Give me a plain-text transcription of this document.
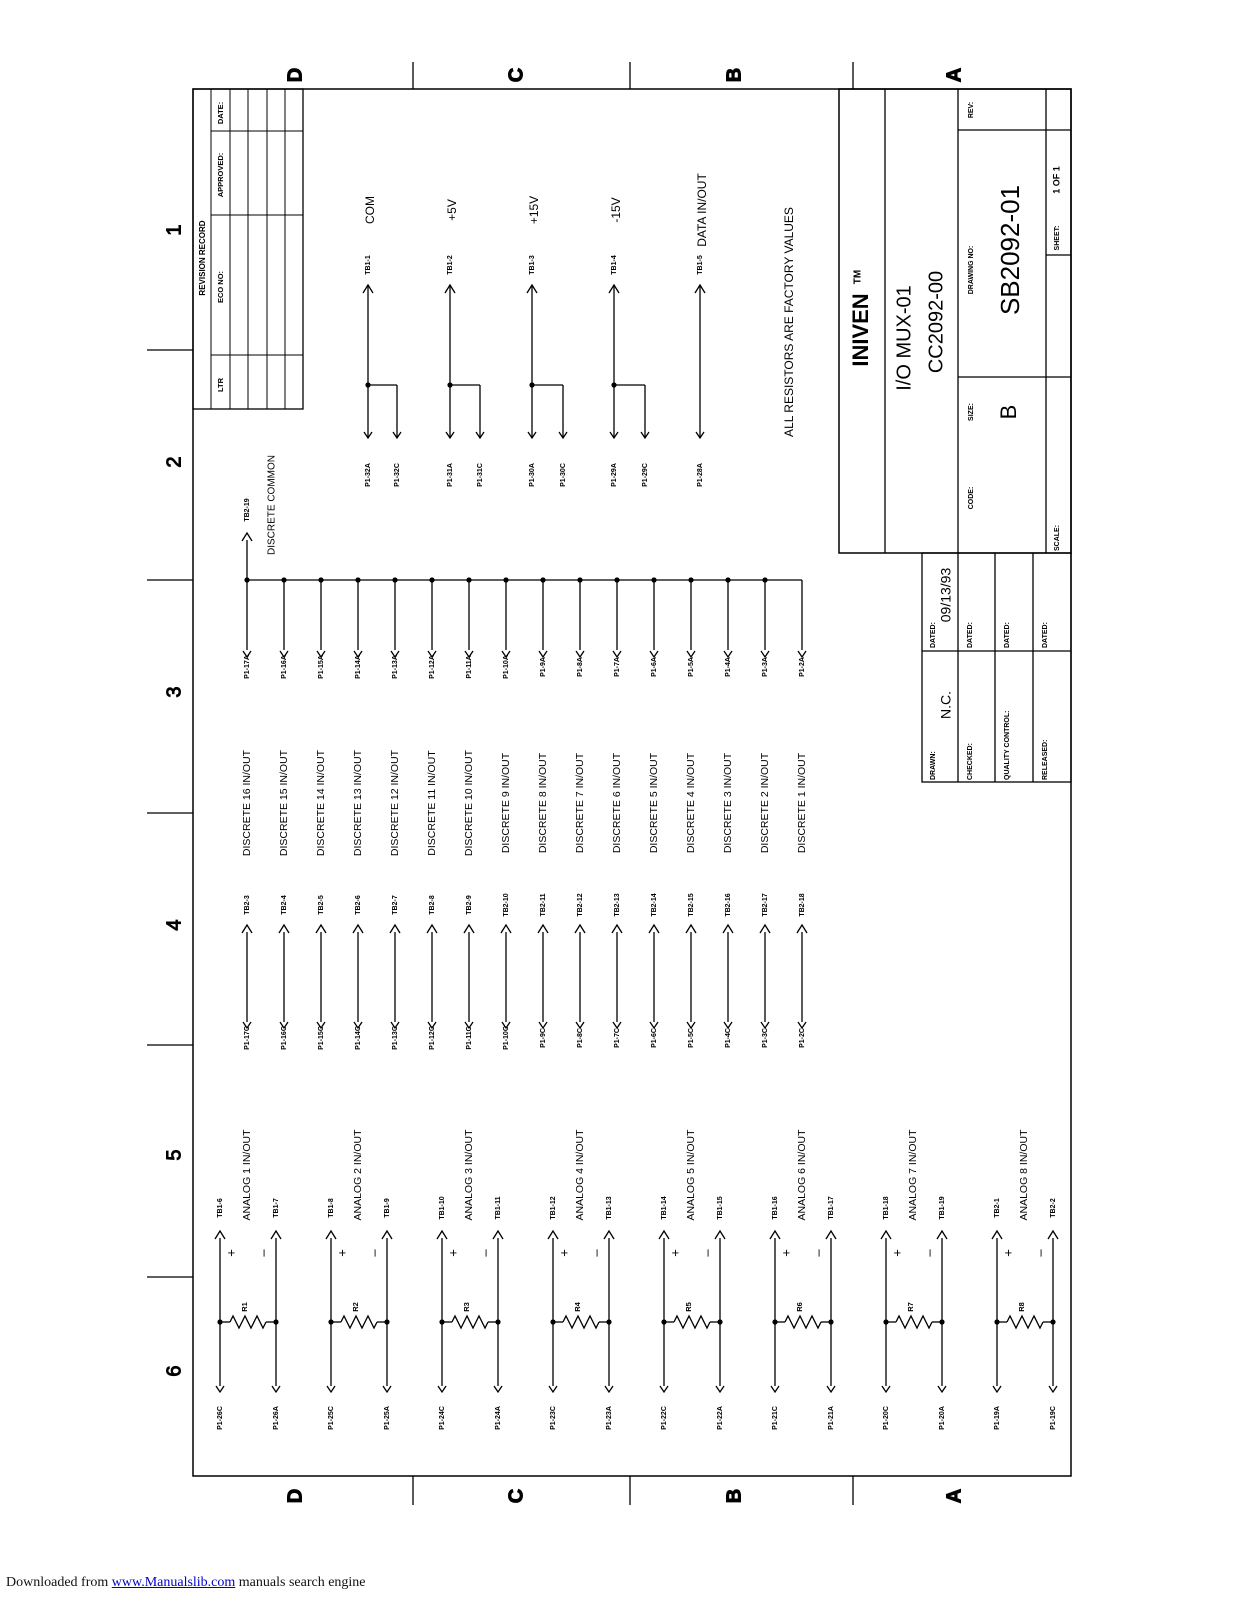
1
2
3
4
5
6
D
D
C
C
B
B
A
A
REVISION RECORD
LTR
ECO NO:
APPROVED:
DATE:
P1-32A	P1-32C
TB1-1
COM
P1-31A	P1-31C
TB1-2
+5V
P1-30A	P1-30C
TB1-3
+15V
P1-29A	P1-29C
TB1-4
-15V
P1-28A
TB1-5
DATA IN/OUT	ALL RESISTORS ARE FACTORY VALUES
P1-17A	P1-16A	P1-15A	P1-14A	P1-13A	P1-12A	P1-11A	P1-10A	P1-9A	P1-8A	P1-7A	P1-6A	P1-5A	P1-4A	P1-3A	P1-2A
TB2-19 DISCRETE COMMON
P1-17C
TB2-3
DISCRETE 16 IN/OUT
P1-16C
TB2-4
DISCRETE 15 IN/OUT
P1-15C
TB2-5
DISCRETE 14 IN/OUT
P1-14C
TB2-6
DISCRETE 13 IN/OUT
P1-13C
TB2-7
DISCRETE 12 IN/OUT
P1-12C
TB2-8
DISCRETE 11 IN/OUT
P1-11C
TB2-9
DISCRETE 10 IN/OUT
P1-10C
TB2-10
DISCRETE 9 IN/OUT
P1-9C
TB2-11
DISCRETE 8 IN/OUT
P1-8C
TB2-12
DISCRETE 7 IN/OUT
P1-7C
TB2-13
DISCRETE 6 IN/OUT
P1-6C
TB2-14
DISCRETE 5 IN/OUT
P1-5C
TB2-15
DISCRETE 4 IN/OUT
P1-4C
TB2-16
DISCRETE 3 IN/OUT
P1-3C
TB2-17
DISCRETE 2 IN/OUT
P1-2C
TB2-18
DISCRETE 1 IN/OUT
P1-26C	P1-26A
R1
TB1-6	TB1-7
+ –
ANALOG 1 IN/OUT
P1-25C	P1-25A
R2
TB1-8	TB1-9
+ –
ANALOG 2 IN/OUT
P1-24C	P1-24A
R3
TB1-10	TB1-11
+ –
ANALOG 3 IN/OUT
P1-23C	P1-23A
R4
TB1-12	TB1-13
+ –
ANALOG 4 IN/OUT
P1-22C	P1-22A
R5
TB1-14	TB1-15
+ –
ANALOG 5 IN/OUT
P1-21C	P1-21A
R6
TB1-16	TB1-17
+ –
ANALOG 6 IN/OUT
P1-20C	P1-20A
R7
TB1-18	TB1-19
+ –
ANALOG 7 IN/OUT
P1-19A	P1-19C
R8
TB2-1	TB2-2
+ –
ANALOG 8 IN/OUT
INIVEN
TM
I/O MUX-01 CC2092-00
DRAWING NO: SB2092-01
SIZE: B
CODE:
REV:
SCALE:
SHEET:
1 OF 1
DRAWN:
DATED:
N.C.
09/13/93
CHECKED:
DATED:
QUALITY CONTROL:
DATED:
RELEASED:
DATED:
Downloaded from www.Manualslib.com manuals search engine
